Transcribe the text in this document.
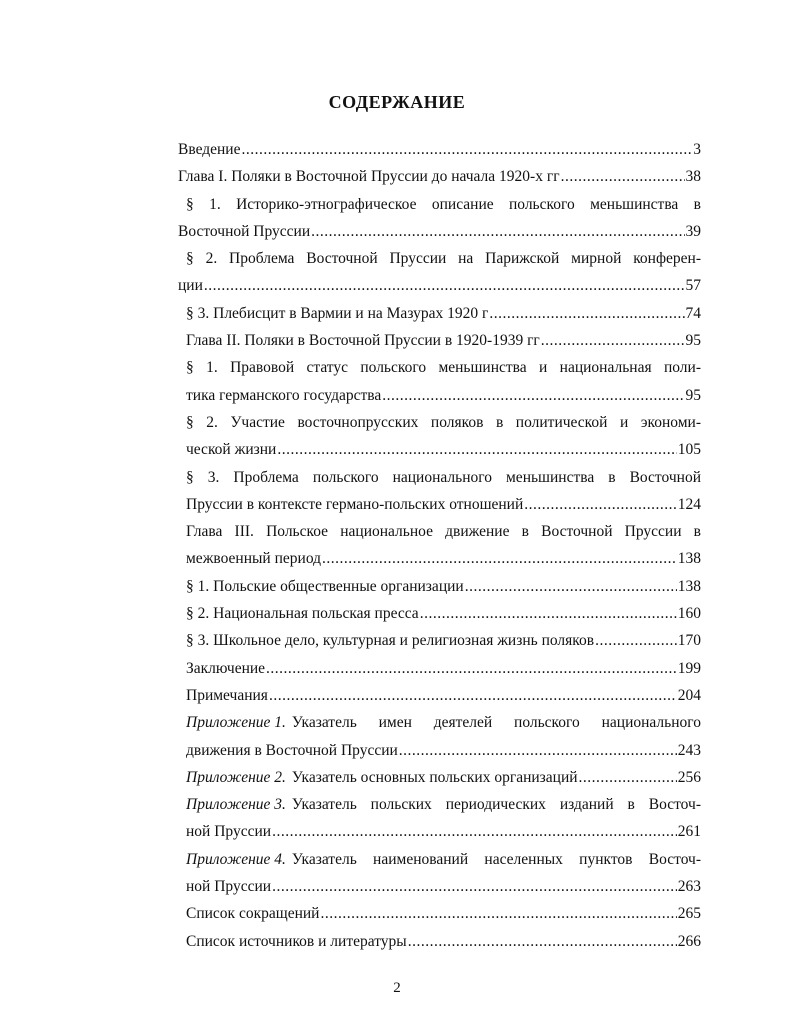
СОДЕРЖАНИЕ
Введение .....	3
Глава I. Поляки в Восточной Пруссии до начала 1920-х гг .....	38
§ 1. Историко-этнографическое описание польского меньшинства в
Восточной Пруссии .....	39
§ 2. Проблема Восточной Пруссии на Парижской мирной конферен-
ции .....	57
§ 3. Плебисцит в Вармии и на Мазурах 1920 г .....	74
Глава II. Поляки в Восточной Пруссии в 1920-1939 гг .....	95
§ 1. Правовой статус польского меньшинства и национальная поли-
тика германского государства .....	95
§ 2. Участие восточнопрусских поляков в политической и экономи-
ческой жизни .....	105
§ 3. Проблема польского национального меньшинства в Восточной
Пруссии в контексте германо-польских отношений .....	124
Глава III. Польское национальное движение в Восточной Пруссии в
межвоенный период .....	138
§ 1. Польские общественные организации .....	138
§ 2. Национальная польская пресса .....	160
§ 3. Школьное дело, культурная и религиозная жизнь поляков .....	170
Заключение .....	199
Примечания .....	204
Приложение 1. Указатель имен деятелей польского национального
движения в Восточной Пруссии .....	243
Приложение 2. Указатель основных польских организаций .....	256
Приложение 3. Указатель польских периодических изданий в Восточ-
ной Пруссии .....	261
Приложение 4. Указатель наименований населенных пунктов Восточ-
ной Пруссии .....	263
Список сокращений .....	265
Список источников и литературы .....	266
2
